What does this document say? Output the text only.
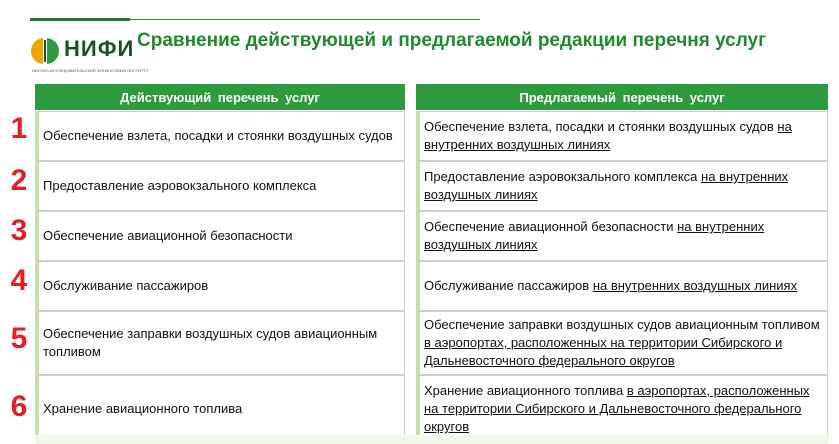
НИФИ
НАУЧНО-ИССЛЕДОВАТЕЛЬСКИЙ ФИНАНСОВЫЙ ИНСТИТУТ
Сравнение действующей и предлагаемой редакции перечня услуг
1
2
3
4
5
6
Действующий перечень услуг
Обеспечение взлета, посадки и стоянки воздушных судов
Предоставление аэровокзального комплекса
Обеспечение авиационной безопасности
Обслуживание пассажиров
Обеспечение заправки воздушных судов авиационным топливом
Хранение авиационного топлива
Предлагаемый перечень услуг
Обеспечение взлета, посадки и стоянки воздушных судов на внутренних воздушных линиях
Предоставление аэровокзального комплекса на внутренних воздушных линиях
Обеспечение авиационной безопасности на внутренних воздушных линиях
Обслуживание пассажиров на внутренних воздушных линиях
Обеспечение заправки воздушных судов авиационным топливом в аэропортах, расположенных на территории Сибирского и Дальневосточного федерального округов
Хранение авиационного топлива в аэропортах, расположенных на территории Сибирского и Дальневосточного федерального округов
